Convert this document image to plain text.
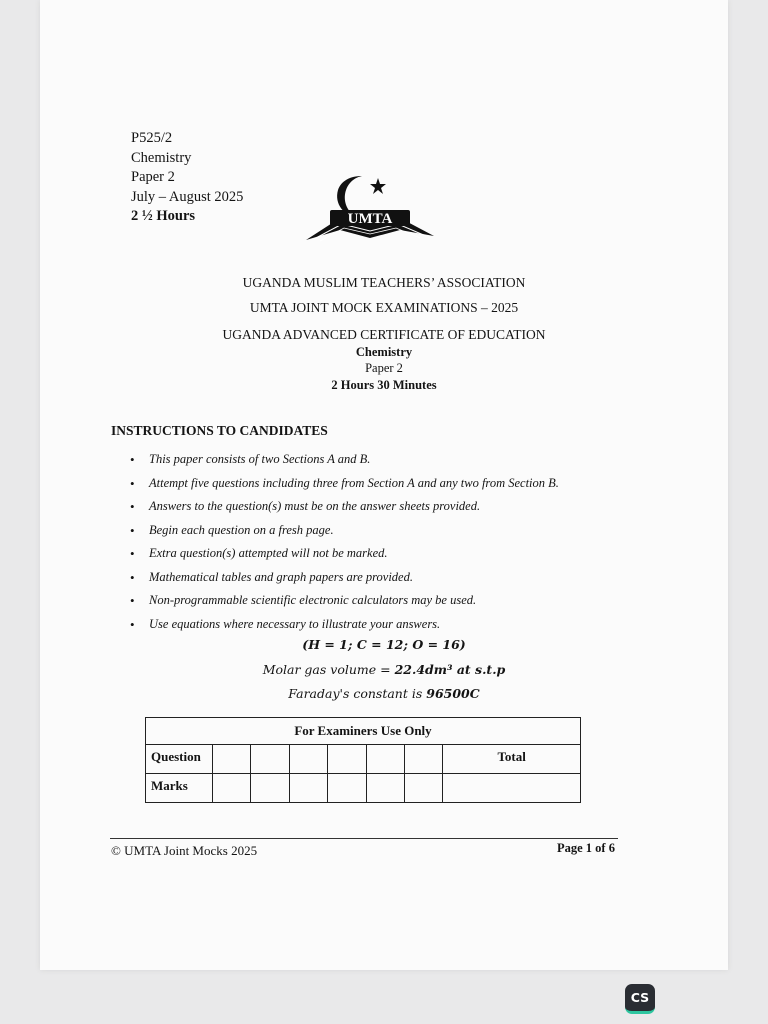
P525/2
Chemistry
Paper 2
July – August 2025
2 ½ Hours	UMTA
UGANDA MUSLIM TEACHERS’ ASSOCIATION
UMTA JOINT MOCK EXAMINATIONS – 2025
UGANDA ADVANCED CERTIFICATE OF EDUCATION
Chemistry
Paper 2
2 Hours 30 Minutes
INSTRUCTIONS TO CANDIDATES
• This paper consists of two Sections A and B.
• Attempt five questions including three from Section A and any two from Section B.
• Answers to the question(s) must be on the answer sheets provided.
• Begin each question on a fresh page.
• Extra question(s) attempted will not be marked.
• Mathematical tables and graph papers are provided.
• Non-programmable scientific electronic calculators may be used.
• Use equations where necessary to illustrate your answers.
(H = 1; C = 12; O = 16)
Molar gas volume = 22.4dm³ at s.t.p
Faraday's constant is 96500C
For Examiners Use Only							
Question							Total
Marks							
© UMTA Joint Mocks 2025	Page 1 of 6
CS
